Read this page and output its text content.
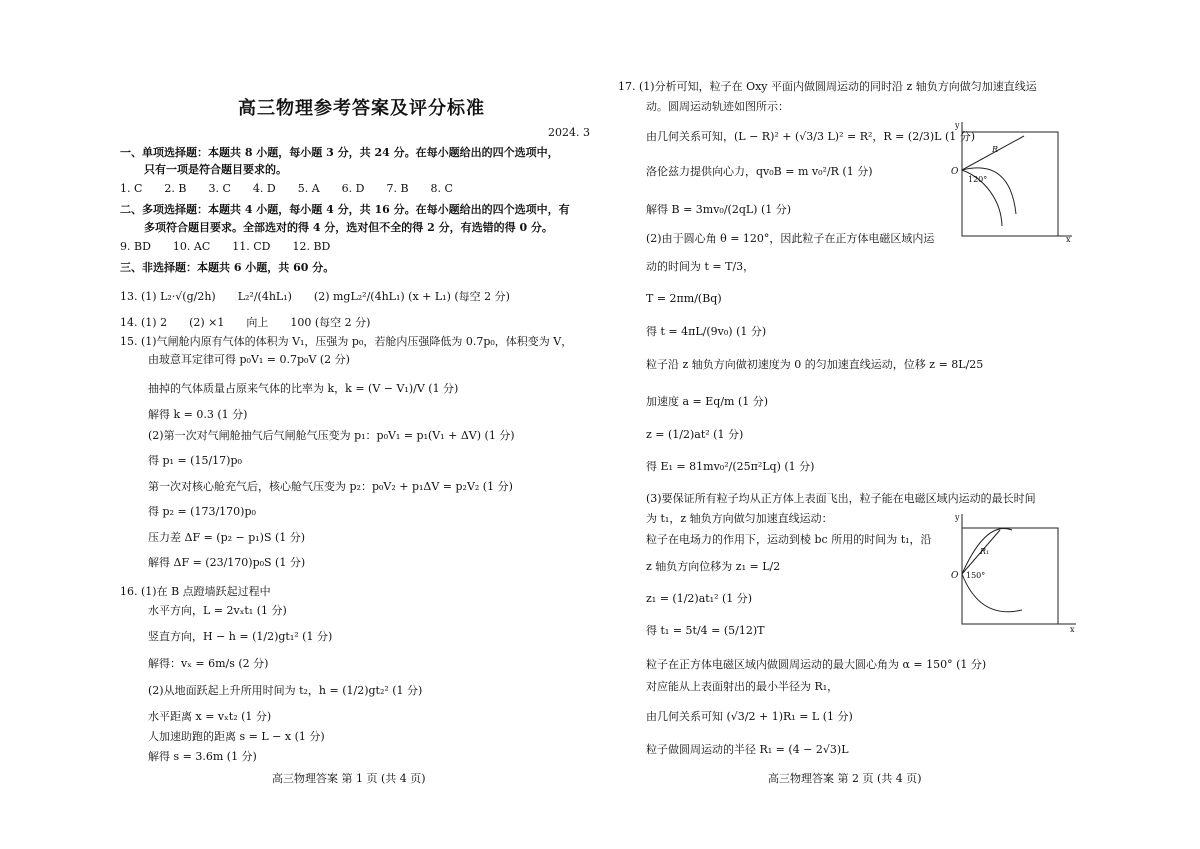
高三物理参考答案及评分标准
2024. 3
一、单项选择题：本题共 8 小题，每小题 3 分，共 24 分。在每小题给出的四个选项中，
只有一项是符合题目要求的。
1. C　　2. B　　3. C　　4. D　　5. A　　6. D　　7. B　　8. C
二、多项选择题：本题共 4 小题，每小题 4 分，共 16 分。在每小题给出的四个选项中，有
多项符合题目要求。全部选对的得 4 分，选对但不全的得 2 分，有选错的得 0 分。
9. BD　　10. AC　　11. CD　　12. BD
三、非选择题：本题共 6 小题，共 60 分。
13. (1) L₂·√(g/2h)　　L₂²/(4hL₁)　　(2) mgL₂²/(4hL₁) (x + L₁) (每空 2 分)
14. (1) 2　　(2) ×1　　向上　　100 (每空 2 分)
15. (1)气闸舱内原有气体的体积为 V₁，压强为 p₀，若舱内压强降低为 0.7p₀，体积变为 V，
由玻意耳定律可得 p₀V₁ = 0.7p₀V (2 分)
抽掉的气体质量占原来气体的比率为 k，k = (V − V₁)/V (1 分)
解得 k = 0.3 (1 分)
(2)第一次对气闸舱抽气后气闸舱气压变为 p₁：p₀V₁ = p₁(V₁ + ΔV) (1 分)
得 p₁ = (15/17)p₀
第一次对核心舱充气后，核心舱气压变为 p₂：p₀V₂ + p₁ΔV = p₂V₂ (1 分)
得 p₂ = (173/170)p₀
压力差 ΔF = (p₂ − p₁)S (1 分)
解得 ΔF = (23/170)p₀S (1 分)
16. (1)在 B 点蹬墙跃起过程中
水平方向，L = 2vₓt₁ (1 分)
竖直方向，H − h = (1/2)gt₁² (1 分)
解得：vₓ = 6m/s (2 分)
(2)从地面跃起上升所用时间为 t₂，h = (1/2)gt₂² (1 分)
水平距离 x = vₓt₂ (1 分)
人加速助跑的距离 s = L − x (1 分)
解得 s = 3.6m (1 分)
高三物理答案 第 1 页 (共 4 页)
17. (1)分析可知，粒子在 Oxy 平面内做圆周运动的同时沿 z 轴负方向做匀加速直线运
动。圆周运动轨迹如图所示：
由几何关系可知，(L − R)² + (√3/3 L)² = R²，R = (2/3)L (1 分)
洛伦兹力提供向心力，qv₀B = m v₀²/R (1 分)
解得 B = 3mv₀/(2qL) (1 分)
(2)由于圆心角 θ = 120°，因此粒子在正方体电磁区域内运
动的时间为 t = T/3，
T = 2πm/(Bq)
得 t = 4πL/(9v₀) (1 分)
粒子沿 z 轴负方向做初速度为 0 的匀加速直线运动，位移 z = 8L/25
加速度 a = Eq/m (1 分)
z = (1/2)at² (1 分)
得 E₁ = 81mv₀²/(25π²Lq) (1 分)
(3)要保证所有粒子均从正方体上表面飞出，粒子能在电磁区域内运动的最长时间
为 t₁，z 轴负方向做匀加速直线运动：
粒子在电场力的作用下，运动到棱 bc 所用的时间为 t₁，沿
z 轴负方向位移为 z₁ = L/2
z₁ = (1/2)at₁² (1 分)
得 t₁ = 5t/4 = (5/12)T
粒子在正方体电磁区域内做圆周运动的最大圆心角为 α = 150° (1 分)
对应能从上表面射出的最小半径为 R₁，
由几何关系可知 (√3/2 + 1)R₁ = L (1 分)
粒子做圆周运动的半径 R₁ = (4 − 2√3)L
高三物理答案 第 2 页 (共 4 页)
y
x
O
R
120°
y
x
O
R₁
150°
